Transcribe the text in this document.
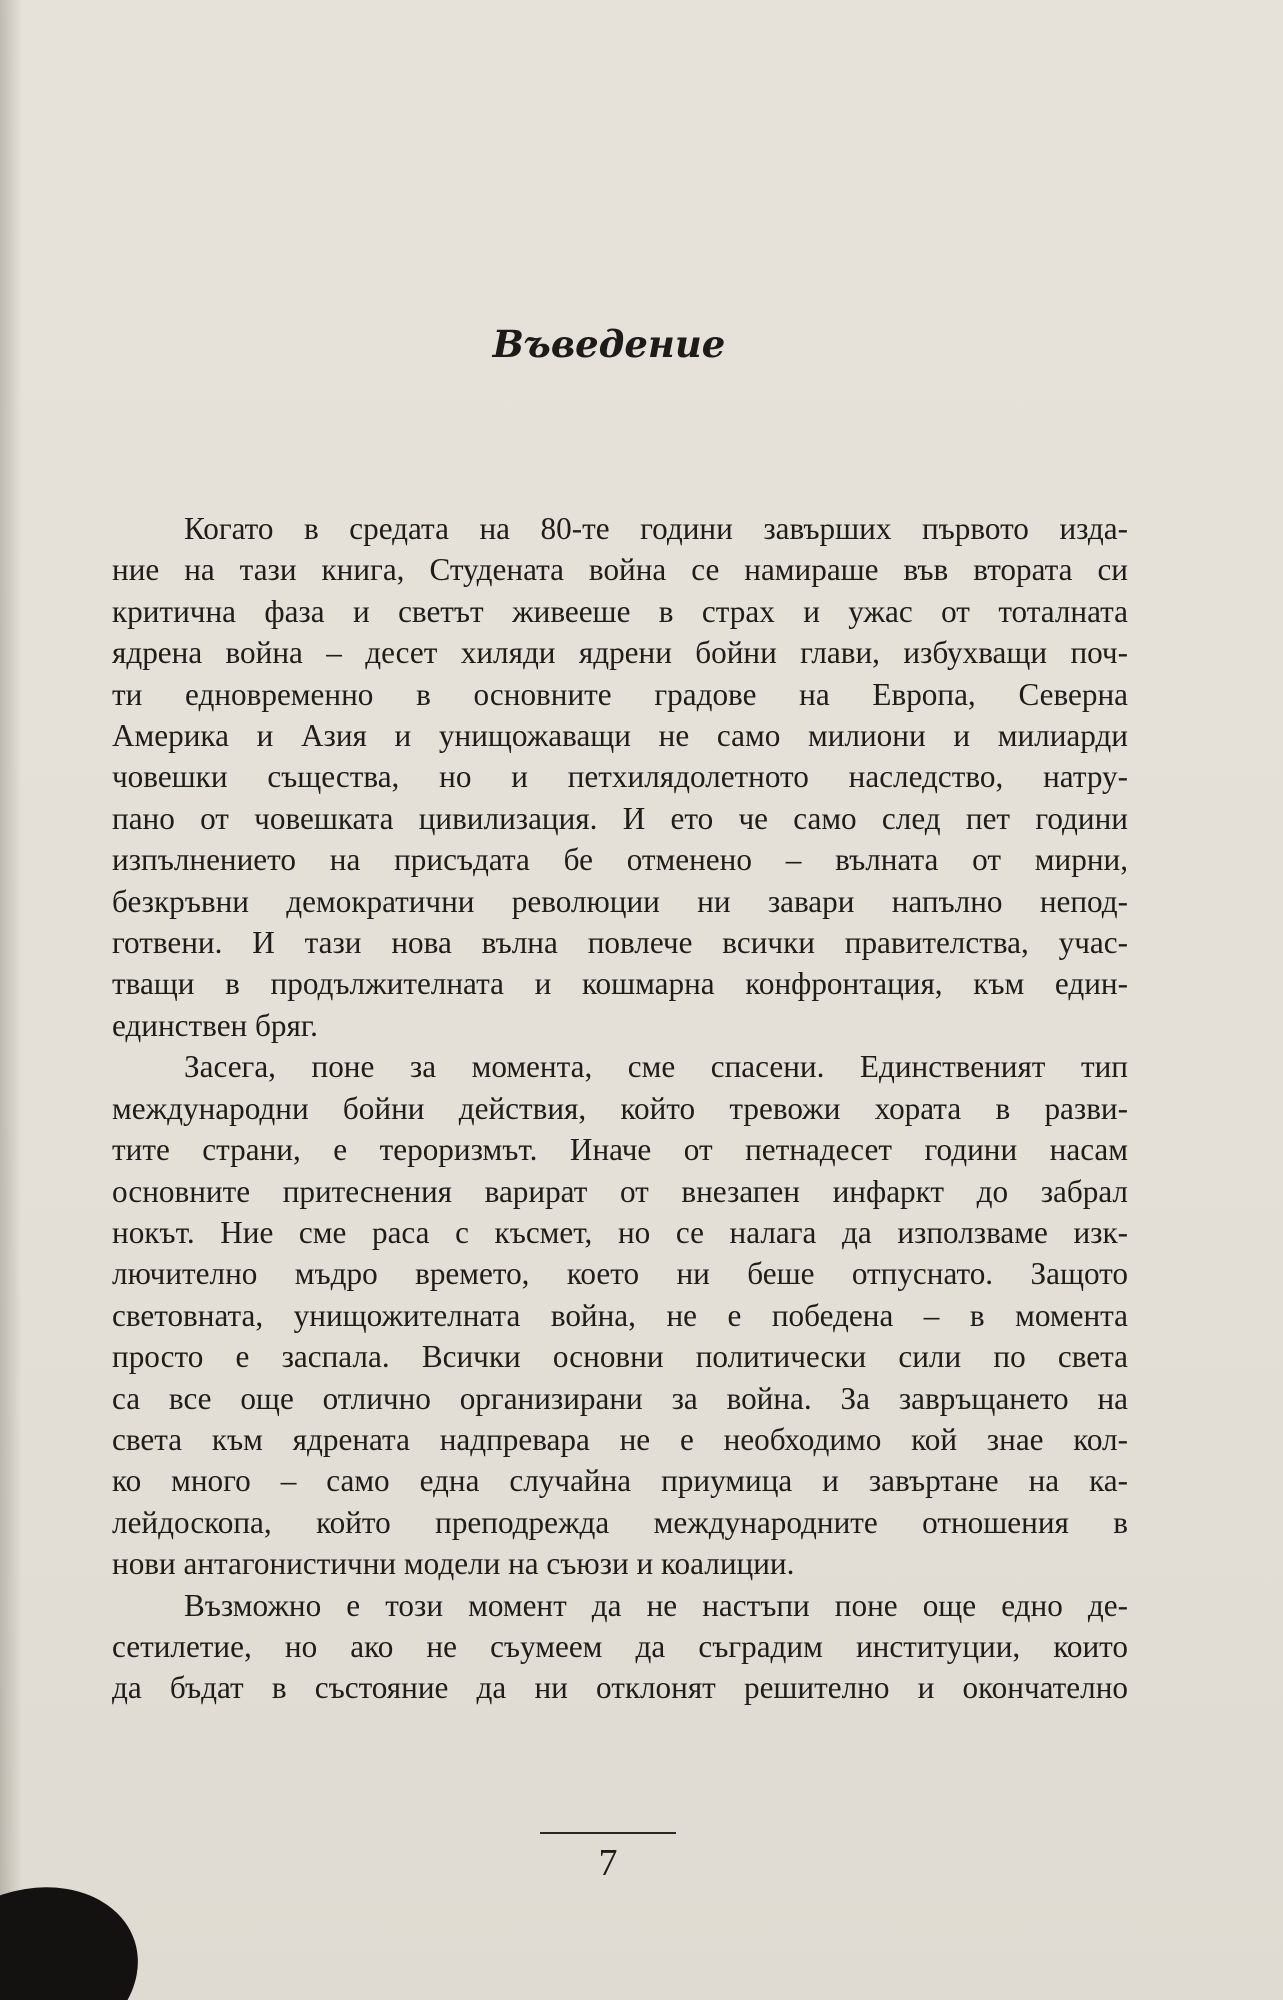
Въведение
Когато в средата на 80-те години завърших първото изда-
ние на тази книга, Студената война се намираше във втората си
критична фаза и светът живееше в страх и ужас от тоталната
ядрена война – десет хиляди ядрени бойни глави, избухващи поч-
ти едновременно в основните градове на Европа, Северна
Америка и Азия и унищожаващи не само милиони и милиарди
човешки същества, но и петхилядолетното наследство, натру-
пано от човешката цивилизация. И ето че само след пет години
изпълнението на присъдата бе отменено – вълната от мирни,
безкръвни демократични революции ни завари напълно непод-
готвени. И тази нова вълна повлече всички правителства, учас-
тващи в продължителната и кошмарна конфронтация, към един-
единствен бряг.
Засега, поне за момента, сме спасени. Единственият тип
международни бойни действия, който тревожи хората в разви-
тите страни, е тероризмът. Иначе от петнадесет години насам
основните притеснения варират от внезапен инфаркт до забрал
нокът. Ние сме раса с късмет, но се налага да използваме изк-
лючително мъдро времето, което ни беше отпуснато. Защото
световната, унищожителната война, не е победена – в момента
просто е заспала. Всички основни политически сили по света
са все още отлично организирани за война. За завръщането на
света към ядрената надпревара не е необходимо кой знае кол-
ко много – само една случайна приумица и завъртане на ка-
лейдоскопа, който преподрежда международните отношения в
нови антагонистични модели на съюзи и коалиции.
Възможно е този момент да не настъпи поне още едно де-
сетилетие, но ако не съумеем да съградим институции, които
да бъдат в състояние да ни отклонят решително и окончателно
7
